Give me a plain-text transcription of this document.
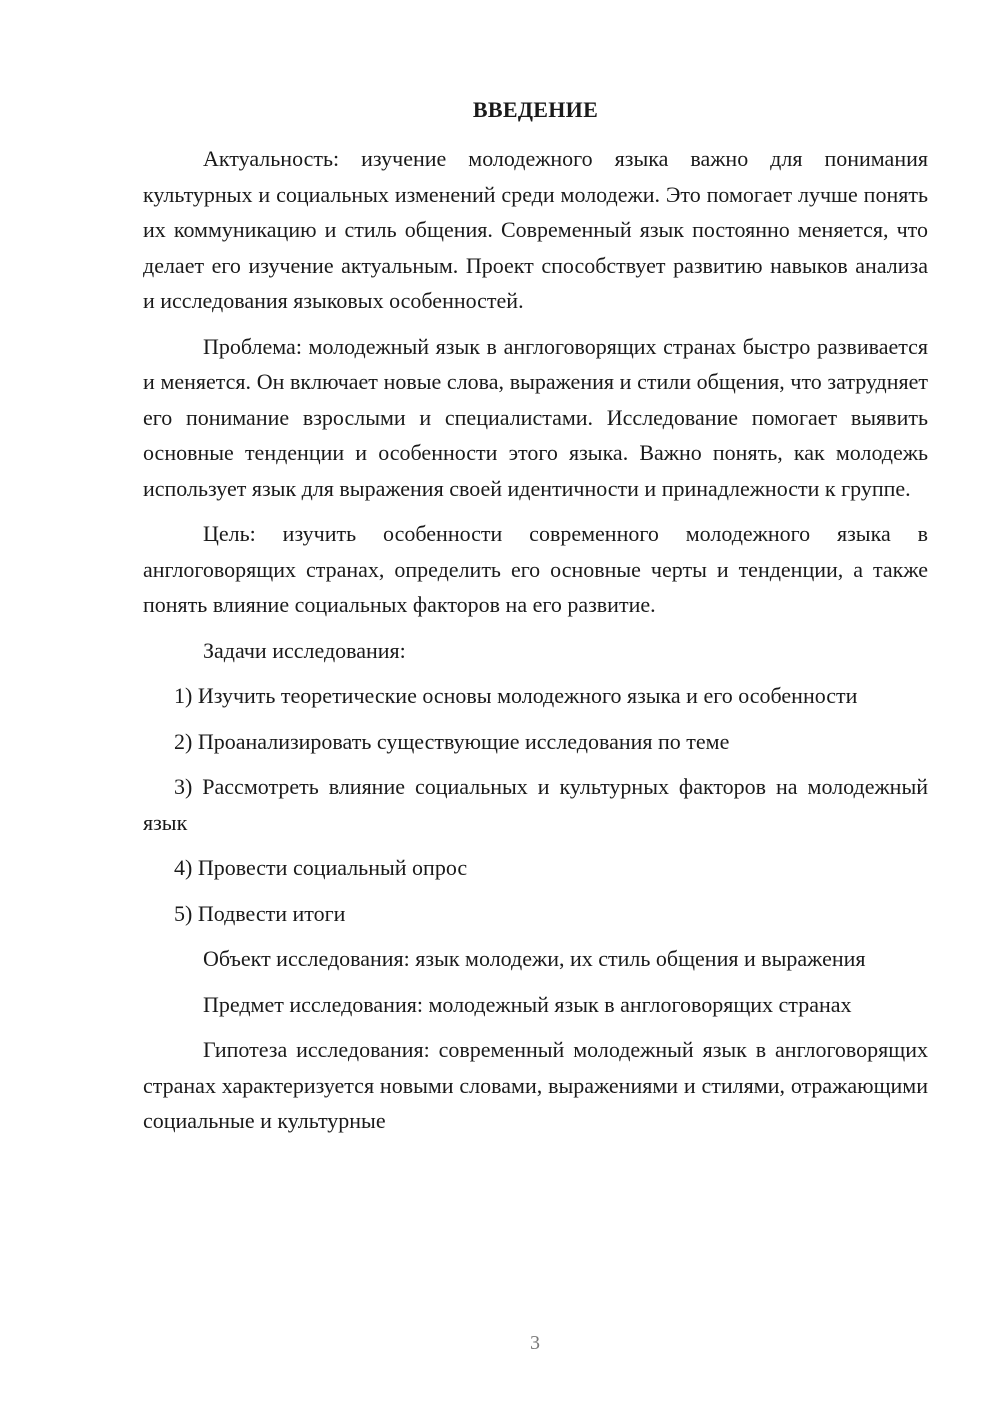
ВВЕДЕНИЕ

Актуальность: изучение молодежного языка важно для понимания культурных и социальных изменений среди молодежи. Это помогает лучше понять их коммуникацию и стиль общения. Современный язык постоянно меняется, что делает его изучение актуальным. Проект способствует развитию навыков анализа и исследования языковых особенностей.

Проблема: молодежный язык в англоговорящих странах быстро развивается и меняется. Он включает новые слова, выражения и стили общения, что затрудняет его понимание взрослыми и специалистами. Исследование помогает выявить основные тенденции и особенности этого языка. Важно понять, как молодежь использует язык для выражения своей идентичности и принадлежности к группе.

Цель: изучить особенности современного молодежного языка в англоговорящих странах, определить его основные черты и тенденции, а также понять влияние социальных факторов на его развитие.

Задачи исследования:

1) Изучить теоретические основы молодежного языка и его особенности

2) Проанализировать существующие исследования по теме

3) Рассмотреть влияние социальных и культурных факторов на молодежный язык

4) Провести социальный опрос

5) Подвести итоги

Объект исследования: язык молодежи, их стиль общения и выражения

Предмет исследования: молодежный язык в англоговорящих странах

Гипотеза исследования: современный молодежный язык в англоговорящих странах характеризуется новыми словами, выражениями и стилями, отражающими социальные и культурные

3
